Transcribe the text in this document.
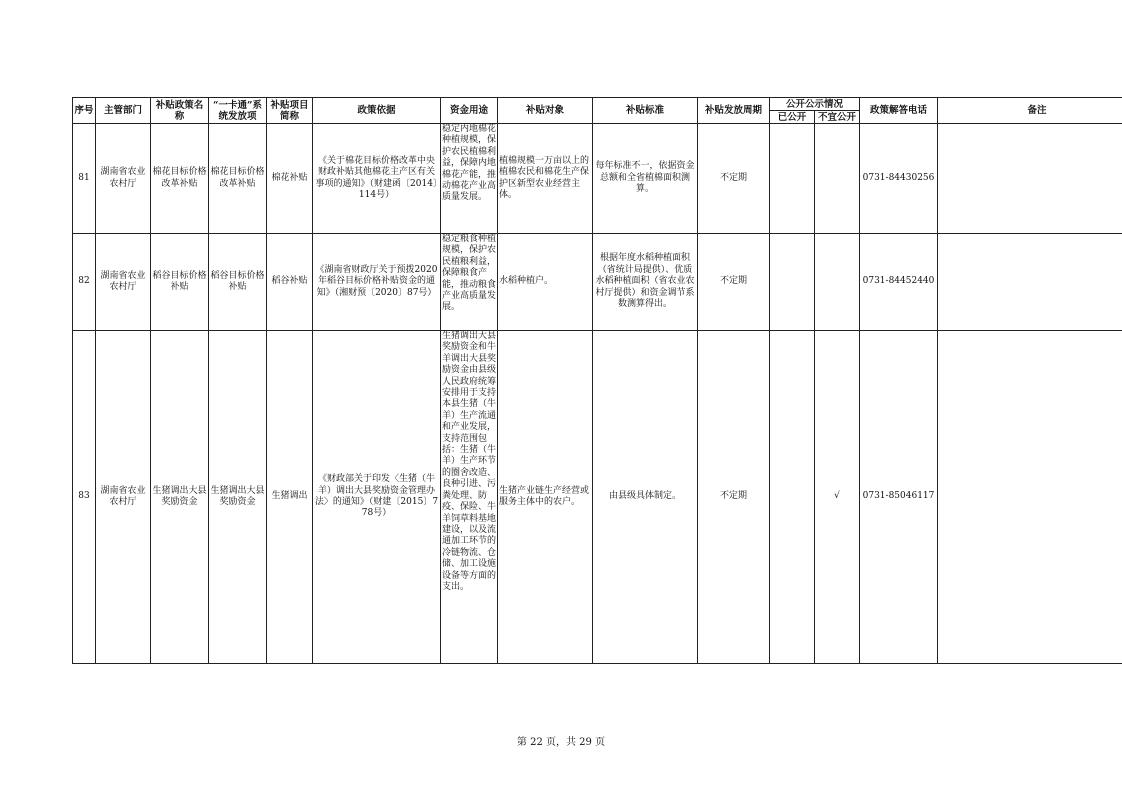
序号	主管部门	补贴政策名称	“一卡通”系统发放项	补贴项目简称	政策依据	资金用途	补贴对象	补贴标准	补贴发放周期	公开公示情况		政策解答电话	备注
										已公开	不宜公开		
81	湖南省农业农村厅	棉花目标价格改革补贴	棉花目标价格改革补贴	棉花补贴	《关于棉花目标价格改革中央财政补贴其他棉花主产区有关事项的通知》（财建函〔2014〕114号）	稳定内地棉花种植规模，保护农民植棉利益，保障内地棉花产能，推动棉花产业高质量发展。	植棉规模一万亩以上的植棉农民和棉花生产保护区新型农业经营主体。	每年标准不一，依据资金总额和全省植棉面积测算。	不定期			0731-84430256	
82	湖南省农业农村厅	稻谷目标价格补贴	稻谷目标价格补贴	稻谷补贴	《湖南省财政厅关于预拨2020年稻谷目标价格补贴资金的通知》（湘财预〔2020〕87号）	稳定粮食种植规模，保护农民植粮利益，保障粮食产能，推动粮食产业高质量发展。	水稻种植户。	根据年度水稻种植面积（省统计局提供）、优质水稻种植面积（省农业农村厅提供）和资金调节系数测算得出。	不定期			0731-84452440	
83	湖南省农业农村厅	生猪调出大县奖励资金	生猪调出大县奖励资金	生猪调出	《财政部关于印发〈生猪（牛羊）调出大县奖励资金管理办法〉的通知》（财建〔2015〕778号）	生猪调出大县奖励资金和牛羊调出大县奖励资金由县级人民政府统筹安排用于支持本县生猪（牛羊）生产流通和产业发展，支持范围包括：生猪（牛羊）生产环节的圈舍改造、良种引进、污粪处理、防疫、保险、牛羊饲草料基地建设，以及流通加工环节的冷链物流、仓储、加工设施设备等方面的支出。	生猪产业链生产经营或服务主体中的农户。	由县级具体制定。	不定期		√	0731-85046117	
第 22 页，共 29 页
